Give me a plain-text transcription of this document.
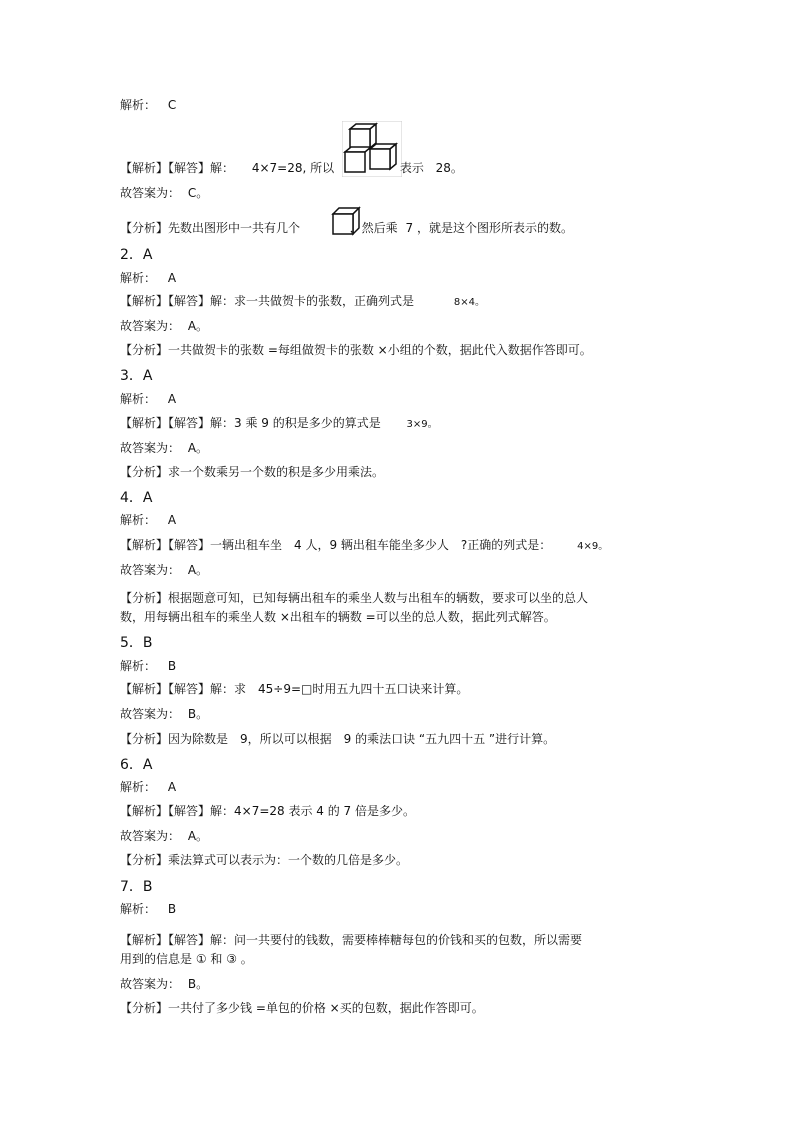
解析： C
【解析】【解答】解： 4×7=28, 所以	表示 28。
故答案为： C。
【分析】先数出图形中一共有几个	，然后乘 7 ，就是这个图形所表示的数。
2．A
解析： A
【解析】【解答】解：求一共做贺卡的张数，正确列式是	8×4。
故答案为： A。
【分析】一共做贺卡的张数 =每组做贺卡的张数 ×小组的个数，据此代入数据作答即可。
3．A
解析： A
【解析】【解答】解：3 乘 9 的积是多少的算式是	3×9。
故答案为： A。
【分析】求一个数乘另一个数的积是多少用乘法。
4．A
解析： A
【解析】【解答】一辆出租车坐　4 人，9 辆出租车能坐多少人　?正确的列式是：	4×9。
故答案为： A。
【分析】根据题意可知，已知每辆出租车的乘坐人数与出租车的辆数，要求可以坐的总人
数，用每辆出租车的乘坐人数 ×出租车的辆数 =可以坐的总人数，据此列式解答。
5．B
解析： B
【解析】【解答】解：求　45÷9=□时用五九四十五口诀来计算。
故答案为： B。
【分析】因为除数是　9，所以可以根据　9 的乘法口诀 “五九四十五 ”进行计算。
6．A
解析： A
【解析】【解答】解：4×7=28 表示 4 的 7 倍是多少。
故答案为： A。
【分析】乘法算式可以表示为：一个数的几倍是多少。
7．B
解析： B
【解析】【解答】解：问一共要付的钱数，需要棒棒糖每包的价钱和买的包数，所以需要
用到的信息是 ① 和 ③ 。
故答案为： B。
【分析】一共付了多少钱 =单包的价格 ×买的包数，据此作答即可。
